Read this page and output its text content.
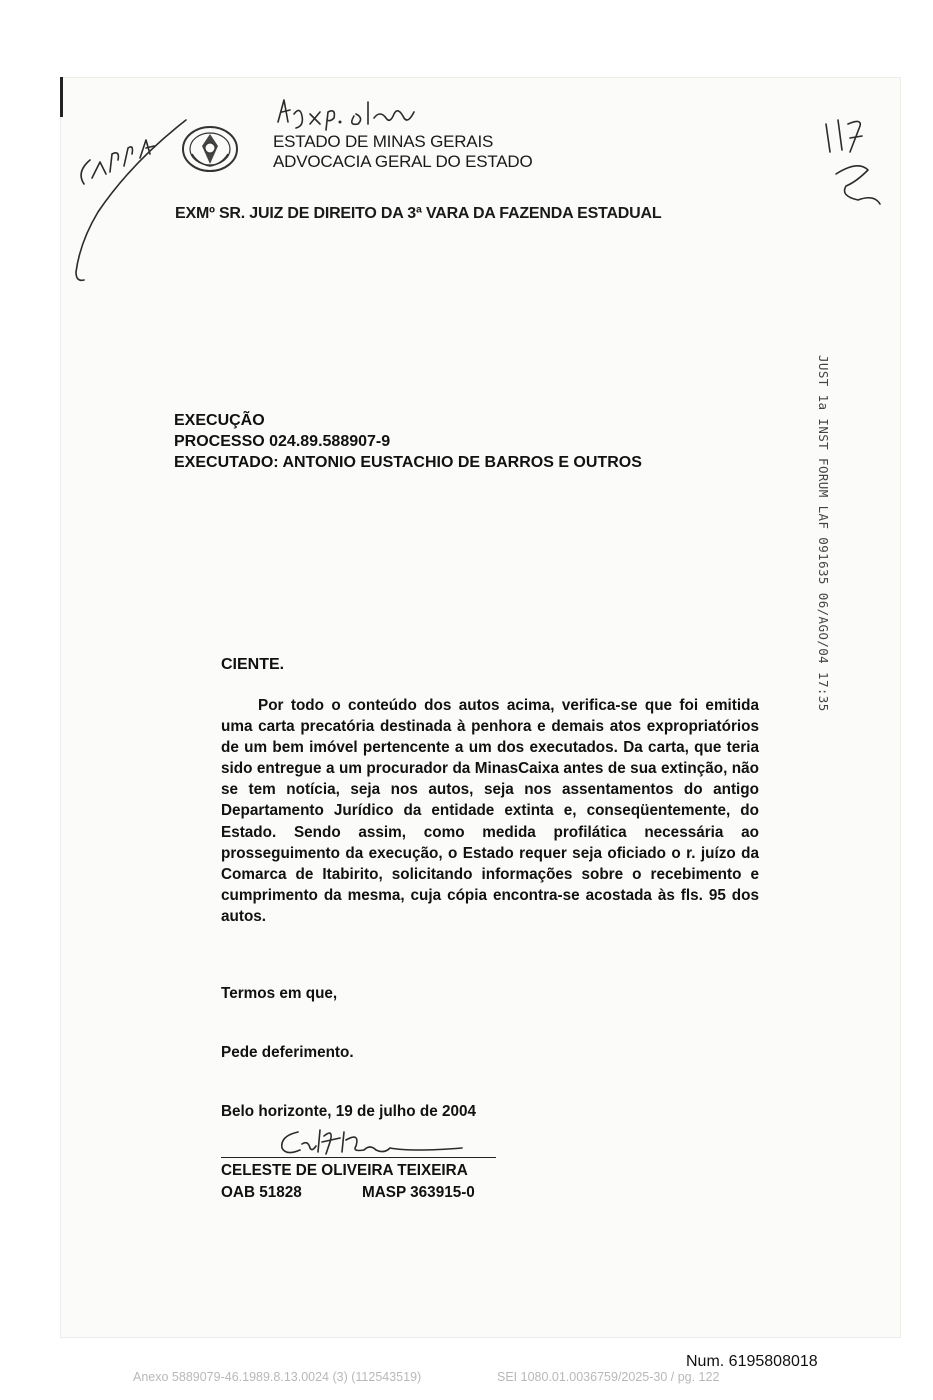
ESTADO DE MINAS GERAIS
ADVOCACIA GERAL DO ESTADO
EXMº SR. JUIZ DE DIREITO DA 3ª VARA DA FAZENDA ESTADUAL
EXECUÇÃO
PROCESSO 024.89.588907-9
EXECUTADO: ANTONIO EUSTACHIO DE BARROS E OUTROS	JUST 1a INST FORUM LAF 091635 06/AGO/04 17:35
CIENTE.
Por todo o conteúdo dos autos acima, verifica-se que foi emitida uma carta precatória destinada à penhora e demais atos expropriatórios de um bem imóvel pertencente a um dos executados. Da carta, que teria sido entregue a um procurador da MinasCaixa antes de sua extinção, não se tem notícia, seja nos autos, seja nos assentamentos do antigo Departamento Jurídico da entidade extinta e, conseqüentemente, do Estado. Sendo assim, como medida profilática necessária ao prosseguimento da execução, o Estado requer seja oficiado o r. juízo da Comarca de Itabirito, solicitando informações sobre o recebimento e cumprimento da mesma, cuja cópia encontra-se acostada às fls. 95 dos autos.
Termos em que,
Pede deferimento.
Belo horizonte, 19 de julho de 2004
CELESTE DE OLIVEIRA TEIXEIRA
OAB 51828	MASP 363915-0
Num. 6195808018
Anexo 5889079-46.1989.8.13.0024 (3) (112543519)	SEI 1080.01.0036759/2025-30 / pg. 122
